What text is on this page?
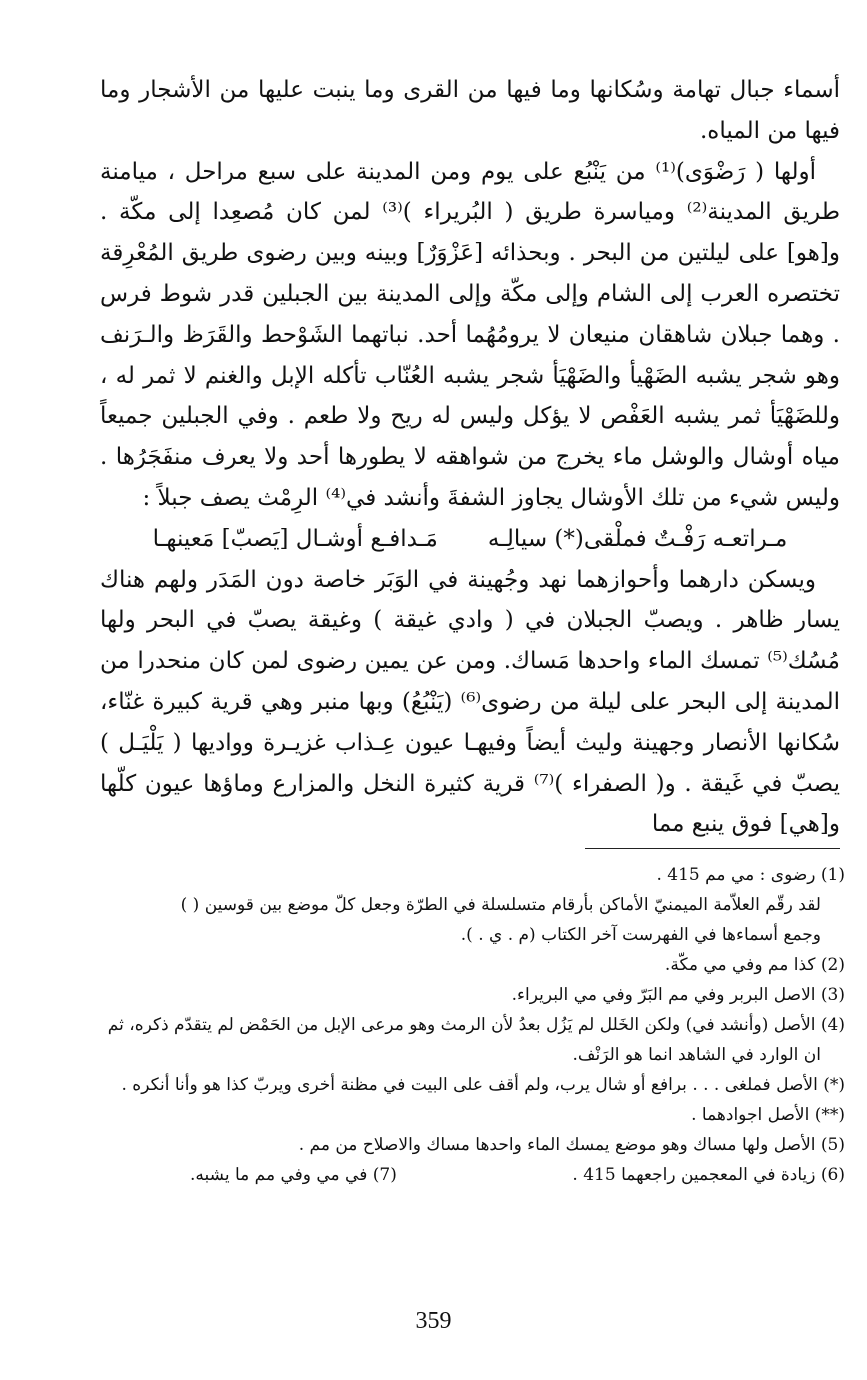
أسماء جبال تهامة وسُكانها وما فيها من القرى وما ينبت عليها من الأشجار وما فيها من المياه.

أولها ( رَضْوَى)⁽¹⁾ من يَنْبُع على يوم ومن المدينة على سبع مراحل ، ميامنة طريق المدينة⁽²⁾ ومياسرة طريق ( البُريراء )⁽³⁾ لمن كان مُصعِدا إلى مكّة . و[هو] على ليلتين من البحر . وبحذائه [عَزْوَرٌ] وبينه وبين رضوى طريق المُعْرِقة تختصره العرب إلى الشام وإلى مكّة وإلى المدينة بين الجبلين قدر شوط فرس . وهما جبلان شاهقان منيعان لا يرومُهُما أحد. نباتهما الشَوْحط والقَرَظ والـرَنف وهو شجر يشبه الضَهْيأ والضَهْيَأ شجر يشبه العُنّاب تأكله الإبل والغنم لا ثمر له ، وللضَهْيَأ ثمر يشبه العَفْص لا يؤكل وليس له ريح ولا طعم . وفي الجبلين جميعاً مياه أوشال والوشل ماء يخرج من شواهقه لا يطورها أحد ولا يعرف منفَجَرُها . وليس شيء من تلك الأوشال يجاوز الشفةَ وأنشد في⁽⁴⁾ الرِمْث يصف جبلاً :

مـراتعـه رَفْـتٌ فملْقى(*) سيالِـه
مَـدافـع أوشـال [يَصبّ] مَعينهـا

ويسكن دارهما وأحوازهما نهد وجُهينة في الوَبَر خاصة دون المَدَر ولهم هناك يسار ظاهر . ويصبّ الجبلان في ( وادي غيقة ) وغيقة يصبّ في البحر ولها مُسُك⁽⁵⁾ تمسك الماء واحدها مَساك. ومن عن يمين رضوى لمن كان منحدرا من المدينة إلى البحر على ليلة من رضوى⁽⁶⁾ (يَنْبُعُ) وبها منبر وهي قرية كبيرة غنّاء، سُكانها الأنصار وجهينة وليث أيضاً وفيهـا عيون عِـذاب غزيـرة وواديها ( يَلْيَـل ) يصبّ في غَيقة . و( الصفراء )⁽⁷⁾ قرية كثيرة النخل والمزارع وماؤها عيون كلّها و[هي] فوق ينبع مما

(1) رضوى : مي مم 415 .

لقد رقّم العلاّمة الميمنيّ الأماكن بأرقام متسلسلة في الطرّة وجعل كلّ موضع بين قوسين ( )

وجمع أسماءها في الفهرست آخر الكتاب (م . ي . ).

(2) كذا مم وفي مي مكّة.

(3) الاصل البربر وفي مم البَرّ وفي مي البريراء.

(4) الأصل (وأنشد في) ولكن الخَلل لم يَزُل بعدُ لأن الرمث وهو مرعى الإبل من الحَمْض لم يتقدّم ذكره، ثم

ان الوارد في الشاهد انما هو الرَنْف.

(*) الأصل فملغى . . . برافع أو شال يرب، ولم أقف على البيت في مظنة أخرى ويربّ كذا هو وأنا أنكره .

(**) الأصل اجوادهما .

(5) الأصل ولها مساك وهو موضع يمسك الماء واحدها مساك والاصلاح من مم .

(6) زيادة في المعجمين راجعهما 415 .
(7) في مي وفي مم ما يشبه.
359
